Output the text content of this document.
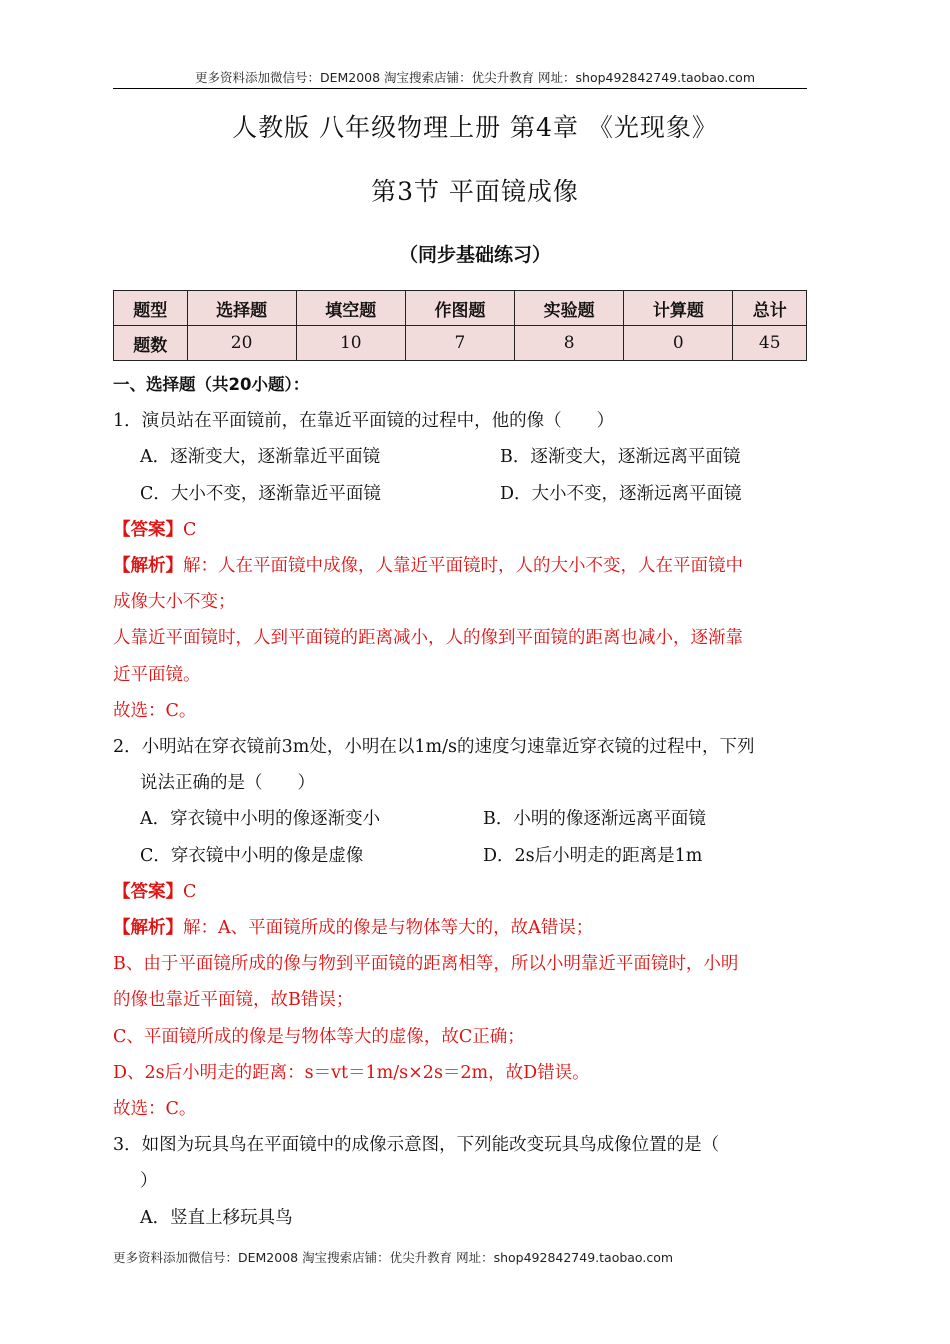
更多资料添加微信号：DEM2008 淘宝搜索店铺：优尖升教育 网址：shop492842749.taobao.com
人教版 八年级物理上册 第4章 《光现象》
第3节 平面镜成像
（同步基础练习）
题型	选择题	填空题	作图题	实验题	计算题	总计
题数	20	10	7	8	0	45

一、选择题（共20小题）：

1．演员站在平面镜前，在靠近平面镜的过程中，他的像（　　）

A．逐渐变大，逐渐靠近平面镜	B．逐渐变大，逐渐远离平面镜
C．大小不变，逐渐靠近平面镜	D．大小不变，逐渐远离平面镜

【答案】C

【解析】解：人在平面镜中成像，人靠近平面镜时，人的大小不变，人在平面镜中

成像大小不变；

人靠近平面镜时，人到平面镜的距离减小，人的像到平面镜的距离也减小，逐渐靠

近平面镜。

故选：C。

2．小明站在穿衣镜前3m处，小明在以1m/s的速度匀速靠近穿衣镜的过程中，下列

说法正确的是（　　）

A．穿衣镜中小明的像逐渐变小	B．小明的像逐渐远离平面镜
C．穿衣镜中小明的像是虚像	D．2s后小明走的距离是1m

【答案】C

【解析】解：A、平面镜所成的像是与物体等大的，故A错误；

B、由于平面镜所成的像与物到平面镜的距离相等，所以小明靠近平面镜时，小明

的像也靠近平面镜，故B错误；

C、平面镜所成的像是与物体等大的虚像，故C正确；

D、2s后小明走的距离：s＝vt＝1m/s×2s＝2m，故D错误。

故选：C。

3．如图为玩具鸟在平面镜中的成像示意图，下列能改变玩具鸟成像位置的是（

）

A．竖直上移玩具鸟

更多资料添加微信号：DEM2008 淘宝搜索店铺：优尖升教育 网址：shop492842749.taobao.com
